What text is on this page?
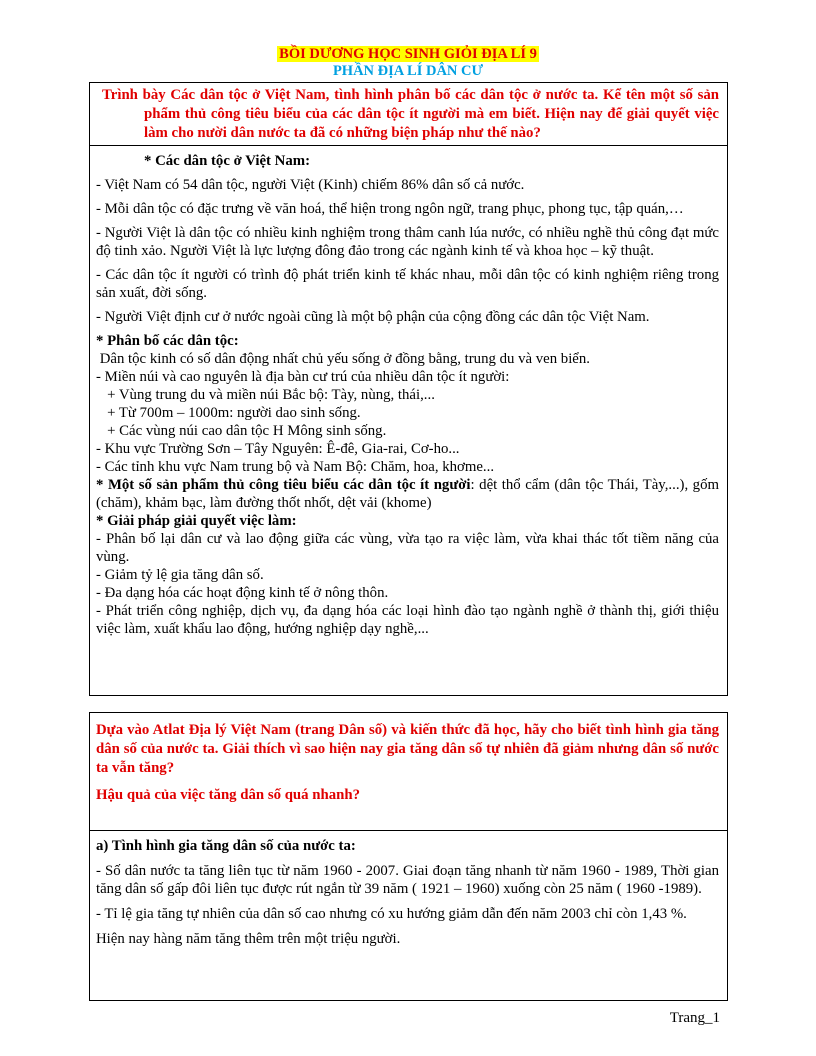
BỒI DƯƠNG HỌC SINH GIỎI ĐỊA LÍ 9
PHẦN ĐỊA LÍ DÂN CƯ
Trình bày Các dân tộc ở Việt Nam, tình hình phân bố các dân tộc ở nước ta. Kể tên một số sản phẩm thủ công tiêu biểu của các dân tộc ít người mà em biết. Hiện nay để giải quyết việc làm cho nười dân nước ta đã có những biện pháp như thế nào?

* Các dân tộc ở Việt Nam:

- Việt Nam có 54 dân tộc, người Việt (Kinh) chiếm 86% dân số cả nước.

- Mỗi dân tộc có đặc trưng về văn hoá, thể hiện trong ngôn ngữ, trang phục, phong tục, tập quán,…

- Người Việt là dân tộc có nhiều kinh nghiệm trong thâm canh lúa nước, có nhiều nghề thủ công đạt mức độ tinh xảo. Người Việt là lực lượng đông đảo trong các ngành kinh tế và khoa học – kỹ thuật.

- Các dân tộc ít người có trình độ phát triển kinh tế khác nhau, mỗi dân tộc có kinh nghiệm riêng trong sản xuất, đời sống.

- Người Việt định cư ở nước ngoài cũng là một bộ phận của cộng đồng các dân tộc Việt Nam.

* Phân bố các dân tộc:

Dân tộc kinh có số dân động nhất chủ yếu sống ở đồng bằng, trung du và ven biển.

- Miền núi và cao nguyên là địa bàn cư trú của nhiều dân tộc ít người:

+ Vùng trung du và miền núi Bắc bộ: Tày, nùng, thái,...

+ Từ 700m – 1000m: người dao sinh sống.

+ Các vùng núi cao dân tộc H Mông sinh sống.

- Khu vực Trường Sơn – Tây Nguyên: Ê-đê, Gia-rai, Cơ-ho...

- Các tỉnh khu vực Nam trung bộ và Nam Bộ: Chăm, hoa, khơme...

* Một số sản phẩm thủ công tiêu biểu các dân tộc ít người: dệt thổ cẩm (dân tộc Thái, Tày,...), gốm (chăm), khảm bạc, làm đường thốt nhốt, dệt vải (khome)

* Giải pháp giải quyết việc làm:

- Phân bố lại dân cư và lao động giữa các vùng, vừa tạo ra việc làm, vừa khai thác tốt tiềm năng của vùng.

- Giảm tỷ lệ gia tăng dân số.

- Đa dạng hóa các hoạt động kinh tế ở nông thôn.

- Phát triển công nghiệp, dịch vụ, đa dạng hóa các loại hình đào tạo ngành nghề ở thành thị, giới thiệu việc làm, xuất khẩu lao động, hướng nghiệp dạy nghề,...

Dựa vào Atlat Địa lý Việt Nam (trang Dân số) và kiến thức đã học, hãy cho biết tình hình gia tăng dân số của nước ta. Giải thích vì sao hiện nay gia tăng dân số tự nhiên đã giảm nhưng dân số nước ta vẫn tăng?

Hậu quả của việc tăng dân số quá nhanh?

a) Tình hình gia tăng dân số của nước ta:

- Số dân nước ta tăng liên tục từ năm 1960 - 2007. Giai đoạn tăng nhanh từ năm 1960 - 1989, Thời gian tăng dân số gấp đôi liên tục được rút ngắn từ 39 năm ( 1921 – 1960) xuống còn 25 năm ( 1960 -1989).

- Tỉ lệ gia tăng tự nhiên của dân số cao nhưng có xu hướng giảm dẫn đến năm 2003 chỉ còn 1,43 %.

Hiện nay hàng năm tăng thêm trên một triệu người.

Trang_1
